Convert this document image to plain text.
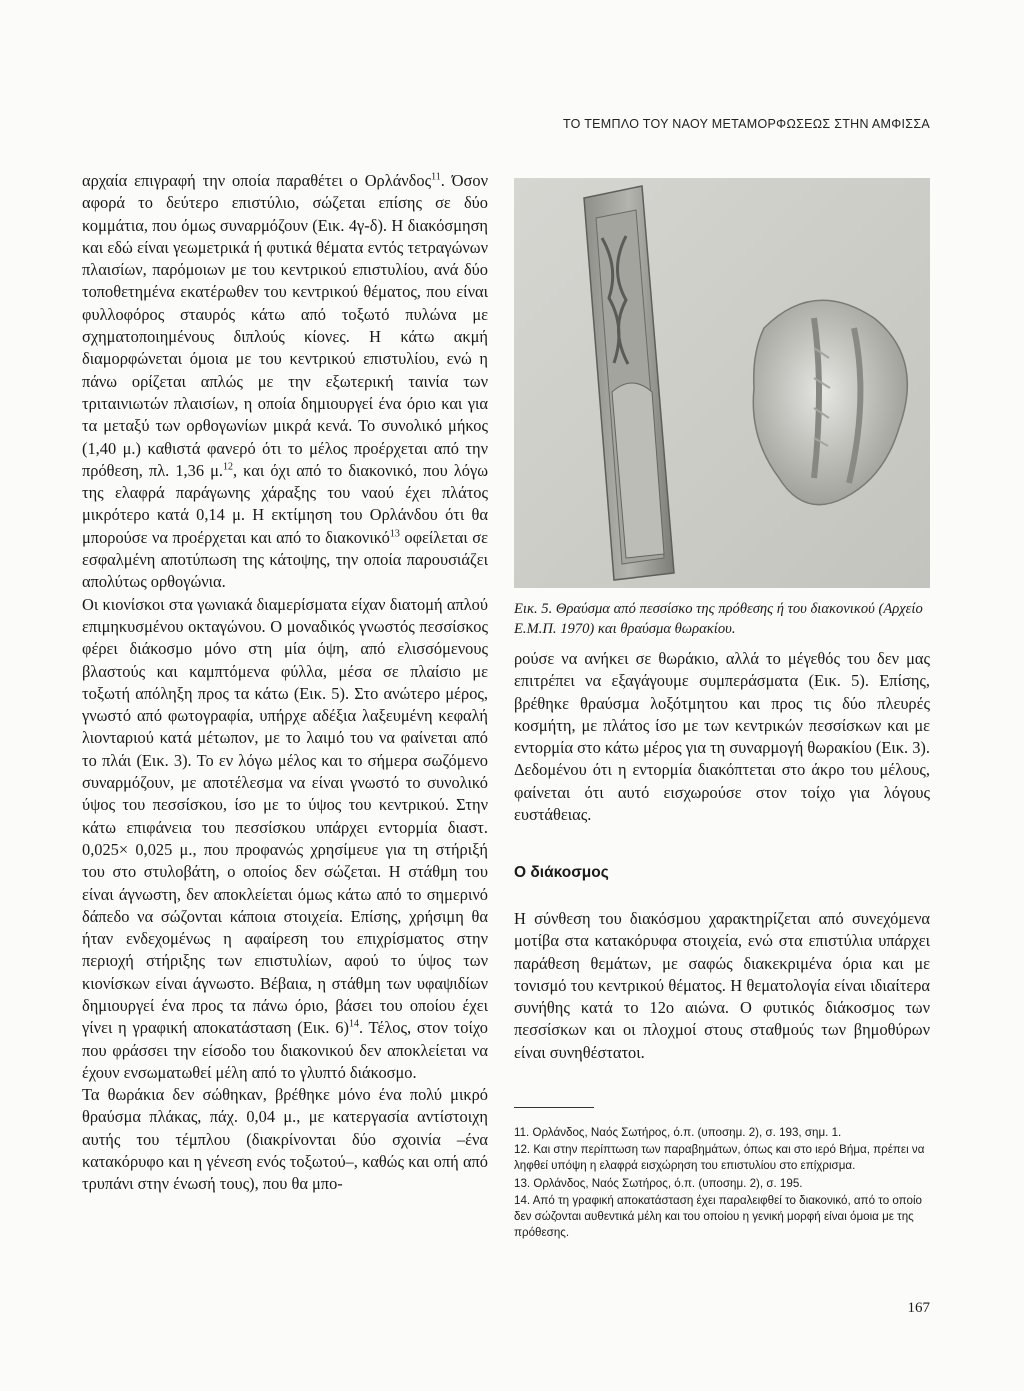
ΤΟ ΤΕΜΠΛΟ ΤΟΥ ΝΑΟΥ ΜΕΤΑΜΟΡΦΩΣΕΩΣ ΣΤΗΝ ΑΜΦΙΣΣΑ

αρχαία επιγραφή την οποία παραθέτει ο Ορλάνδος$^{11}$. Όσον αφορά το δεύτερο επιστύλιο, σώζεται επίσης σε δύο κομμάτια, που όμως συναρμόζουν (Εικ. 4γ-δ). Η διακόσμηση και εδώ είναι γεωμετρικά ή φυτικά θέματα εντός τετραγώνων πλαισίων, παρόμοιων με του κεντρικού επιστυλίου, ανά δύο τοποθετημένα εκατέρωθεν του κεντρικού θέματος, που είναι φυλλοφόρος σταυρός κάτω από τοξωτό πυλώνα με σχηματοποιημένους διπλούς κίονες. Η κάτω ακμή διαμορφώνεται όμοια με του κεντρικού επιστυλίου, ενώ η πάνω ορίζεται απλώς με την εξωτερική ταινία των τριταινιωτών πλαισίων, η οποία δημιουργεί ένα όριο και για τα μεταξύ των ορθογωνίων μικρά κενά. Το συνολικό μήκος (1,40 μ.) καθιστά φανερό ότι το μέλος προέρχεται από την πρόθεση, πλ. 1,36 μ.$^{12}$, και όχι από το διακονικό, που λόγω της ελαφρά παράγωνης χάραξης του ναού έχει πλάτος μικρότερο κατά 0,14 μ. Η εκτίμηση του Ορλάνδου ότι θα μπορούσε να προέρχεται και από το διακονικό$^{13}$ οφείλεται σε εσφαλμένη αποτύπωση της κάτοψης, την οποία παρουσιάζει απολύτως ορθογώνια.

Οι κιονίσκοι στα γωνιακά διαμερίσματα είχαν διατομή απλού επιμηκυσμένου οκταγώνου. Ο μοναδικός γνωστός πεσσίσκος φέρει διάκοσμο μόνο στη μία όψη, από ελισσόμενους βλαστούς και καμπτόμενα φύλλα, μέσα σε πλαίσιο με τοξωτή απόληξη προς τα κάτω (Εικ. 5). Στο ανώτερο μέρος, γνωστό από φωτογραφία, υπήρχε αδέξια λαξευμένη κεφαλή λιονταριού κατά μέτωπον, με το λαιμό του να φαίνεται από το πλάι (Εικ. 3). Το εν λόγω μέλος και το σήμερα σωζόμενο συναρμόζουν, με αποτέλεσμα να είναι γνωστό το συνολικό ύψος του πεσσίσκου, ίσο με το ύψος του κεντρικού. Στην κάτω επιφάνεια του πεσσίσκου υπάρχει εντορμία διαστ. 0,025× 0,025 μ., που προφανώς χρησίμευε για τη στήριξή του στο στυλοβάτη, ο οποίος δεν σώζεται. Η στάθμη του είναι άγνωστη, δεν αποκλείεται όμως κάτω από το σημερινό δάπεδο να σώζονται κάποια στοιχεία. Επίσης, χρήσιμη θα ήταν ενδεχομένως η αφαίρεση του επιχρίσματος στην περιοχή στήριξης των επιστυλίων, αφού το ύψος των κιονίσκων είναι άγνωστο. Βέβαια, η στάθμη των υφαψιδίων δημιουργεί ένα προς τα πάνω όριο, βάσει του οποίου έχει γίνει η γραφική αποκατάσταση (Εικ. 6)$^{14}$. Τέλος, στον τοίχο που φράσσει την είσοδο του διακονικού δεν αποκλείεται να έχουν ενσωματωθεί μέλη από το γλυπτό διάκοσμο.

Τα θωράκια δεν σώθηκαν, βρέθηκε μόνο ένα πολύ μικρό θραύσμα πλάκας, πάχ. 0,04 μ., με κατεργασία αντίστοιχη αυτής του τέμπλου (διακρίνονται δύο σχοινία –ένα κατακόρυφο και η γένεση ενός τοξωτού–, καθώς και οπή από τρυπάνι στην ένωσή τους), που θα μπο-

Εικ. 5. Θραύσμα από πεσσίσκο της πρόθεσης ή του διακονικού (Αρχείο Ε.Μ.Π. 1970) και θραύσμα θωρακίου.

ρούσε να ανήκει σε θωράκιο, αλλά το μέγεθός του δεν μας επιτρέπει να εξαγάγουμε συμπεράσματα (Εικ. 5). Επίσης, βρέθηκε θραύσμα λοξότμητου και προς τις δύο πλευρές κοσμήτη, με πλάτος ίσο με των κεντρικών πεσσίσκων και με εντορμία στο κάτω μέρος για τη συναρμογή θωρακίου (Εικ. 3). Δεδομένου ότι η εντορμία διακόπτεται στο άκρο του μέλους, φαίνεται ότι αυτό εισχωρούσε στον τοίχο για λόγους ευστάθειας.

Ο διάκοσμος
Η σύνθεση του διακόσμου χαρακτηρίζεται από συνεχόμενα μοτίβα στα κατακόρυφα στοιχεία, ενώ στα επιστύλια υπάρχει παράθεση θεμάτων, με σαφώς διακεκριμένα όρια και με τονισμό του κεντρικού θέματος. Η θεματολογία είναι ιδιαίτερα συνήθης κατά το 12ο αιώνα. Ο φυτικός διάκοσμος των πεσσίσκων και οι πλοχμοί στους σταθμούς των βημοθύρων είναι συνηθέστατοι.
11. Ορλάνδος, Ναός Σωτήρος, ό.π. (υποσημ. 2), σ. 193, σημ. 1.
12. Και στην περίπτωση των παραβημάτων, όπως και στο ιερό Βήμα, πρέπει να ληφθεί υπόψη η ελαφρά εισχώρηση του επιστυλίου στο επίχρισμα.
13. Ορλάνδος, Ναός Σωτήρος, ό.π. (υποσημ. 2), σ. 195.
14. Από τη γραφική αποκατάσταση έχει παραλειφθεί το διακονικό, από το οποίο δεν σώζονται αυθεντικά μέλη και του οποίου η γενική μορφή είναι όμοια με της πρόθεσης.
167
